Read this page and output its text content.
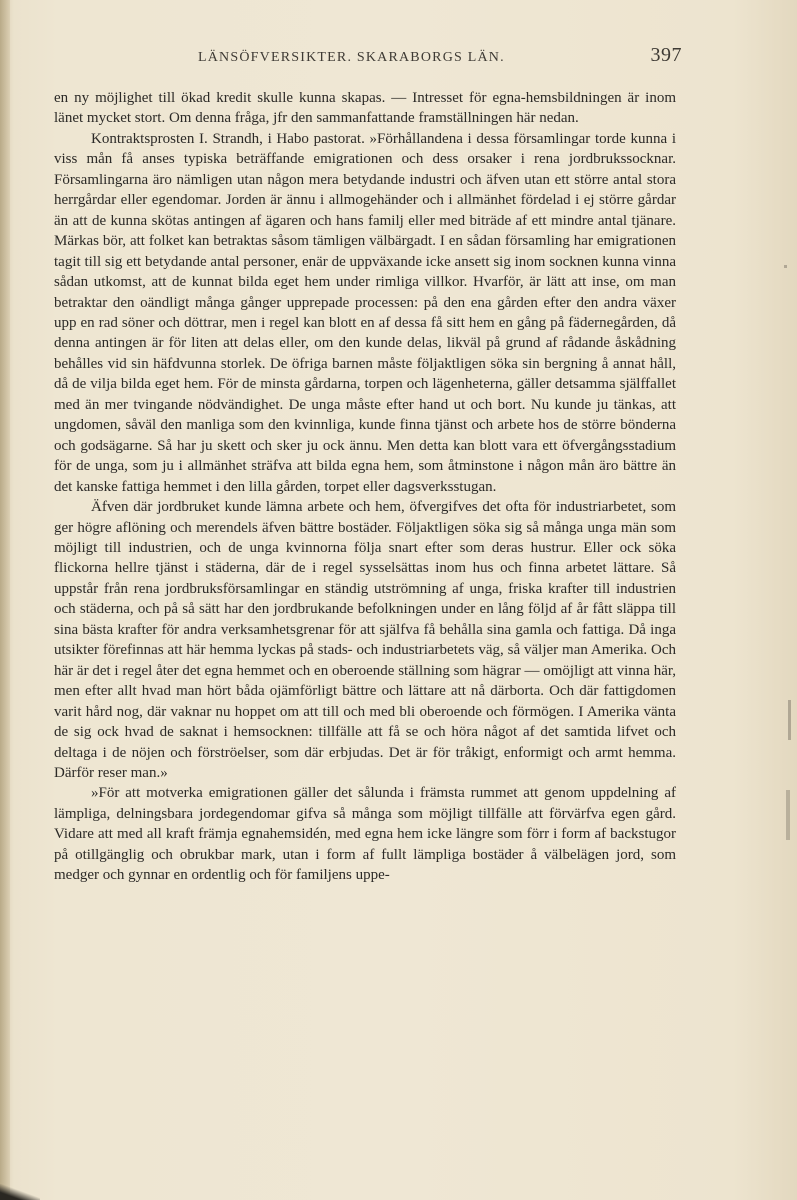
LÄNSÖFVERSIKTER. SKARABORGS LÄN.	397

en ny möjlighet till ökad kredit skulle kunna skapas. — Intresset för egna-hemsbildningen är inom länet mycket stort. Om denna fråga, jfr den sammanfattande framställningen här nedan.

Kontraktsprosten I. Strandh, i Habo pastorat. »Förhållandena i dessa församlingar torde kunna i viss mån få anses typiska beträffande emigrationen och dess orsaker i rena jordbrukssocknar. Församlingarna äro nämligen utan någon mera betydande industri och äfven utan ett större antal stora herrgårdar eller egendomar. Jorden är ännu i allmogehänder och i allmänhet fördelad i ej större gårdar än att de kunna skötas antingen af ägaren och hans familj eller med biträde af ett mindre antal tjänare. Märkas bör, att folket kan betraktas såsom tämligen välbärgadt. I en sådan församling har emigrationen tagit till sig ett betydande antal personer, enär de uppväxande icke ansett sig inom socknen kunna vinna sådan utkomst, att de kunnat bilda eget hem under rimliga villkor. Hvarför, är lätt att inse, om man betraktar den oändligt många gånger upprepade processen: på den ena gården efter den andra växer upp en rad söner och döttrar, men i regel kan blott en af dessa få sitt hem en gång på fädernegården, då denna antingen är för liten att delas eller, om den kunde delas, likväl på grund af rådande åskådning behålles vid sin häfdvunna storlek. De öfriga barnen måste följaktligen söka sin bergning å annat håll, då de vilja bilda eget hem. För de minsta gårdarna, torpen och lägenheterna, gäller detsamma själffallet med än mer tvingande nödvändighet. De unga måste efter hand ut och bort. Nu kunde ju tänkas, att ungdomen, såväl den manliga som den kvinnliga, kunde finna tjänst och arbete hos de större bönderna och godsägarne. Så har ju skett och sker ju ock ännu. Men detta kan blott vara ett öfvergångsstadium för de unga, som ju i allmänhet sträfva att bilda egna hem, som åtminstone i någon mån äro bättre än det kanske fattiga hemmet i den lilla gården, torpet eller dagsverksstugan.

Äfven där jordbruket kunde lämna arbete och hem, öfvergifves det ofta för industriarbetet, som ger högre aflöning och merendels äfven bättre bostäder. Följaktligen söka sig så många unga män som möjligt till industrien, och de unga kvinnorna följa snart efter som deras hustrur. Eller ock söka flickorna hellre tjänst i städerna, där de i regel sysselsättas inom hus och finna arbetet lättare. Så uppstår från rena jordbruksförsamlingar en ständig utströmning af unga, friska krafter till industrien och städerna, och på så sätt har den jordbrukande befolkningen under en lång följd af år fått släppa till sina bästa krafter för andra verksamhetsgrenar för att själfva få behålla sina gamla och fattiga. Då inga utsikter förefinnas att här hemma lyckas på stads- och industriarbetets väg, så väljer man Amerika. Och här är det i regel åter det egna hemmet och en oberoende ställning som hägrar — omöjligt att vinna här, men efter allt hvad man hört båda ojämförligt bättre och lättare att nå därborta. Och där fattigdomen varit hård nog, där vaknar nu hoppet om att till och med bli oberoende och förmögen. I Amerika vänta de sig ock hvad de saknat i hemsocknen: tillfälle att få se och höra något af det samtida lifvet och deltaga i de nöjen och förströelser, som där erbjudas. Det är för tråkigt, enformigt och armt hemma. Därför reser man.»

»För att motverka emigrationen gäller det sålunda i främsta rummet att genom uppdelning af lämpliga, delningsbara jordegendomar gifva så många som möjligt tillfälle att förvärfva egen gård. Vidare att med all kraft främja egnahemsidén, med egna hem icke längre som förr i form af backstugor på otillgänglig och obrukbar mark, utan i form af fullt lämpliga bostäder å välbelägen jord, som medger och gynnar en ordentlig och för familjens uppe-
